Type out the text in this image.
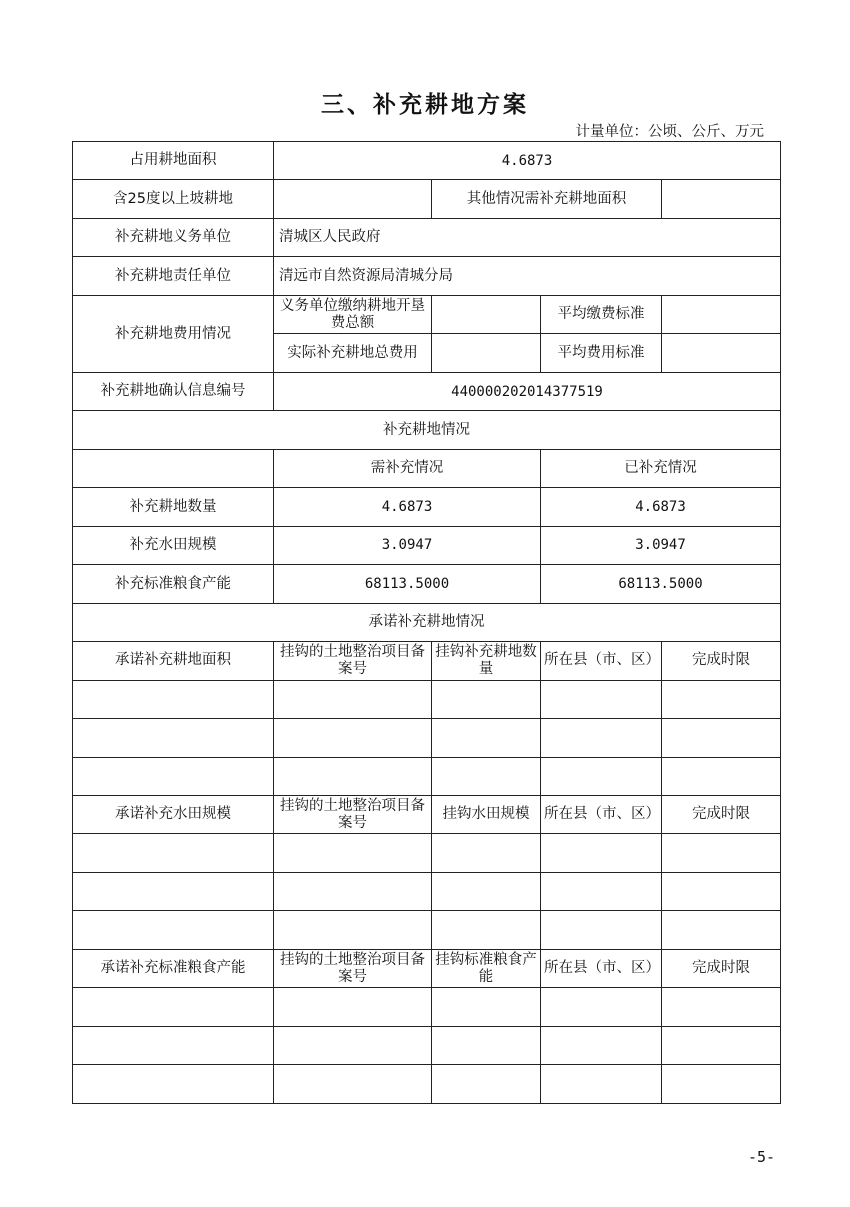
三、补充耕地方案
计量单位：公顷、公斤、万元
占用耕地面积	4.6873			
含25度以上坡耕地		其他情况需补充耕地面积		
补充耕地义务单位	清城区人民政府			
补充耕地责任单位	清远市自然资源局清城分局			
补充耕地费用情况	义务单位缴纳耕地开垦费总额		平均缴费标准	
	实际补充耕地总费用		平均费用标准	
补充耕地确认信息编号	440000202014377519			
补充耕地情况				
	需补充情况		已补充情况	
补充耕地数量	4.6873		4.6873	
补充水田规模	3.0947		3.0947	
补充标准粮食产能	68113.5000		68113.5000	
承诺补充耕地情况				
承诺补充耕地面积	挂钩的土地整治项目备案号	挂钩补充耕地数量	所在县（市、区）	完成时限

承诺补充水田规模	挂钩的土地整治项目备案号	挂钩水田规模	所在县（市、区）	完成时限

承诺补充标准粮食产能	挂钩的土地整治项目备案号	挂钩标准粮食产能	所在县（市、区）	完成时限

-5-
